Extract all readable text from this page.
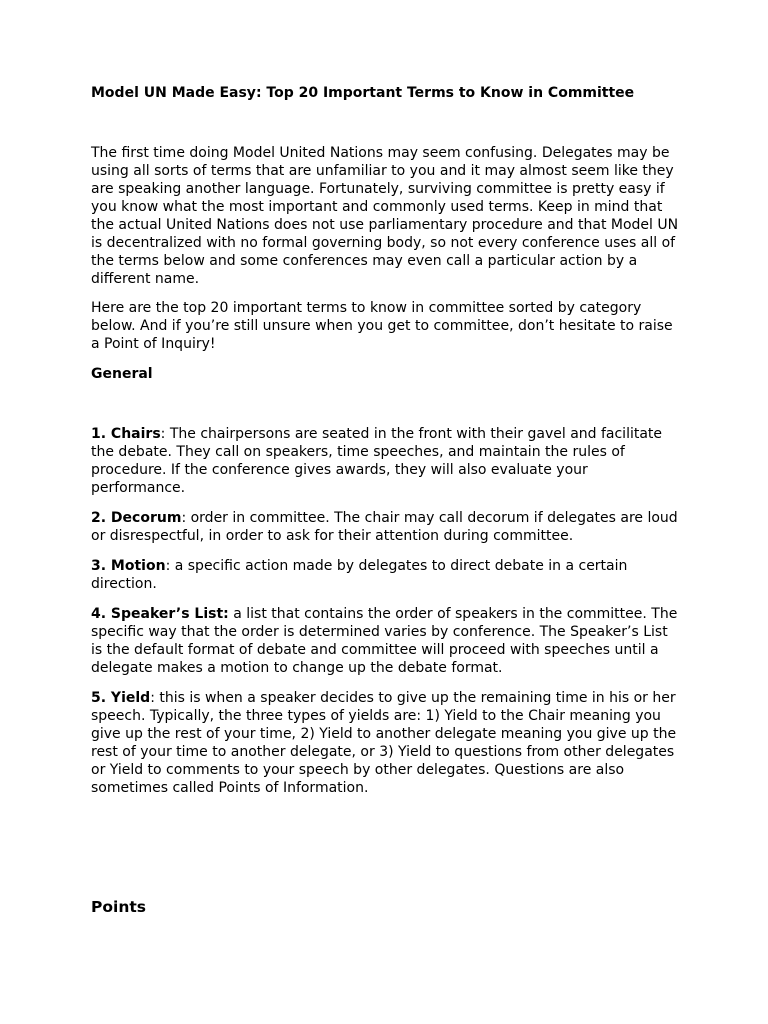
Model UN Made Easy: Top 20 Important Terms to Know in Committee

The first time doing Model United Nations may seem confusing. Delegates may be using all sorts of terms that are unfamiliar to you and it may almost seem like they are speaking another language. Fortunately, surviving committee is pretty easy if you know what the most important and commonly used terms. Keep in mind that the actual United Nations does not use parliamentary procedure and that Model UN is decentralized with no formal governing body, so not every conference uses all of the terms below and some conferences may even call a particular action by a different name.

Here are the top 20 important terms to know in committee sorted by category below. And if you’re still unsure when you get to committee, don’t hesitate to raise a Point of Inquiry!

General

1. Chairs: The chairpersons are seated in the front with their gavel and facilitate the debate. They call on speakers, time speeches, and maintain the rules of procedure. If the conference gives awards, they will also evaluate your performance.

2. Decorum: order in committee. The chair may call decorum if delegates are loud or disrespectful, in order to ask for their attention during committee.

3. Motion: a specific action made by delegates to direct debate in a certain direction.

4. Speaker’s List: a list that contains the order of speakers in the committee. The specific way that the order is determined varies by conference. The Speaker’s List is the default format of debate and committee will proceed with speeches until a delegate makes a motion to change up the debate format.

5. Yield: this is when a speaker decides to give up the remaining time in his or her speech. Typically, the three types of yields are: 1) Yield to the Chair meaning you give up the rest of your time, 2) Yield to another delegate meaning you give up the rest of your time to another delegate, or 3) Yield to questions from other delegates or Yield to comments to your speech by other delegates. Questions are also sometimes called Points of Information.

Points
